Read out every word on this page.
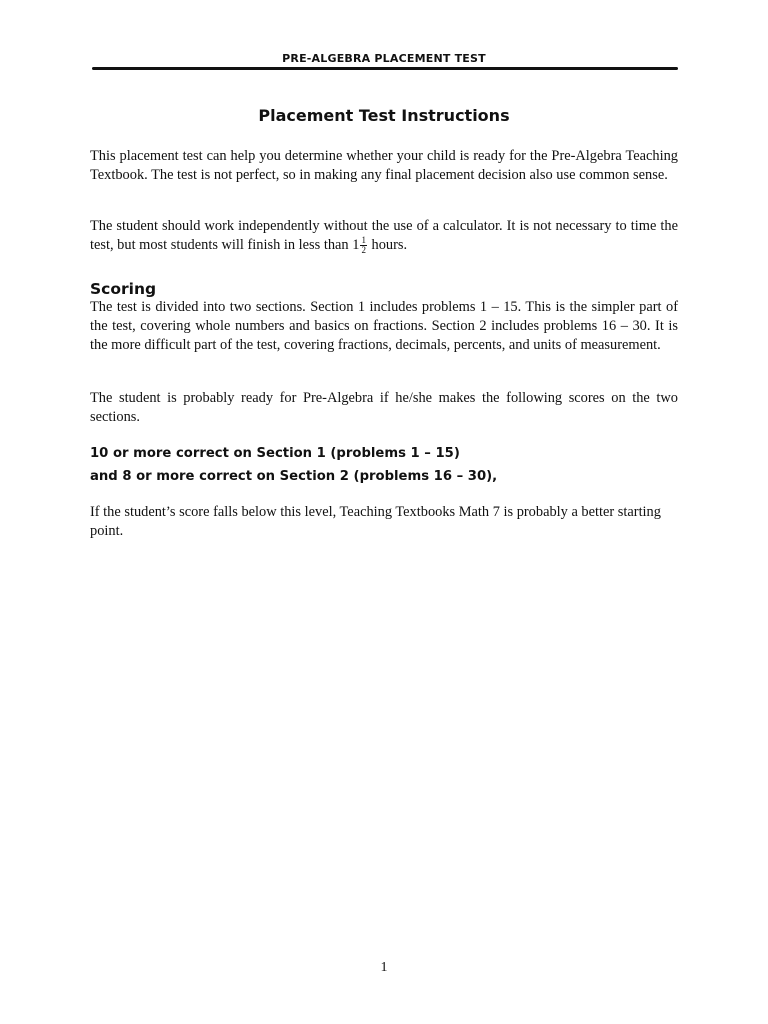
PRE-ALGEBRA PLACEMENT TEST
Placement Test Instructions

This placement test can help you determine whether your child is ready for the Pre-Algebra Teaching Textbook. The test is not perfect, so in making any final placement decision also use common sense.

The student should work independently without the use of a calculator. It is not necessary to time the test, but most students will finish in less than $1 \frac{1}{2}$ hours.

Scoring

The test is divided into two sections. Section 1 includes problems 1 – 15. This is the simpler part of the test, covering whole numbers and basics on fractions. Section 2 includes problems 16 – 30. It is the more difficult part of the test, covering fractions, decimals, percents, and units of measurement.

The student is probably ready for Pre-Algebra if he/she makes the following scores on the two sections.

10 or more correct on Section 1 (problems 1 – 15)
and 8 or more correct on Section 2 (problems 16 – 30),

If the student’s score falls below this level, Teaching Textbooks Math 7 is probably a better starting point.

1
